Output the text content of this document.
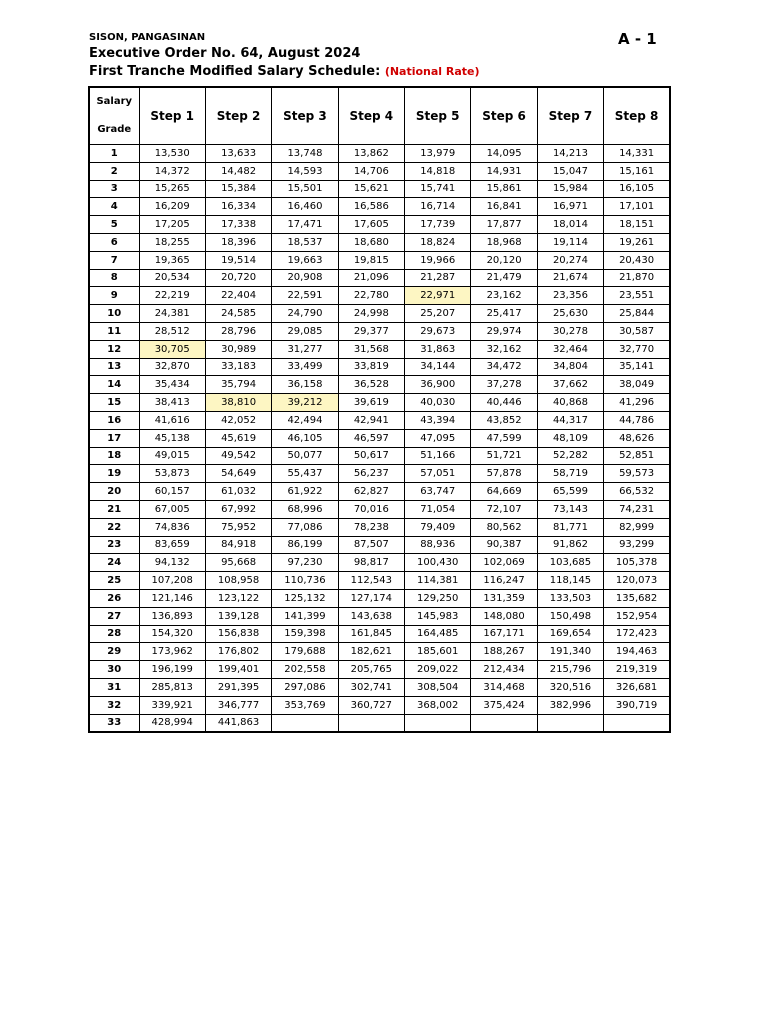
SISON, PANGASINAN	A - 1
Executive Order No. 64, August 2024
First Tranche Modified Salary Schedule: (National Rate)
Salary
Grade	Step 1	Step 2	Step 3	Step 4	Step 5	Step 6	Step 7	Step 8
1	13,530	13,633	13,748	13,862	13,979	14,095	14,213	14,331
2	14,372	14,482	14,593	14,706	14,818	14,931	15,047	15,161
3	15,265	15,384	15,501	15,621	15,741	15,861	15,984	16,105
4	16,209	16,334	16,460	16,586	16,714	16,841	16,971	17,101
5	17,205	17,338	17,471	17,605	17,739	17,877	18,014	18,151
6	18,255	18,396	18,537	18,680	18,824	18,968	19,114	19,261
7	19,365	19,514	19,663	19,815	19,966	20,120	20,274	20,430
8	20,534	20,720	20,908	21,096	21,287	21,479	21,674	21,870
9	22,219	22,404	22,591	22,780	22,971	23,162	23,356	23,551
10	24,381	24,585	24,790	24,998	25,207	25,417	25,630	25,844
11	28,512	28,796	29,085	29,377	29,673	29,974	30,278	30,587
12	30,705	30,989	31,277	31,568	31,863	32,162	32,464	32,770
13	32,870	33,183	33,499	33,819	34,144	34,472	34,804	35,141
14	35,434	35,794	36,158	36,528	36,900	37,278	37,662	38,049
15	38,413	38,810	39,212	39,619	40,030	40,446	40,868	41,296
16	41,616	42,052	42,494	42,941	43,394	43,852	44,317	44,786
17	45,138	45,619	46,105	46,597	47,095	47,599	48,109	48,626
18	49,015	49,542	50,077	50,617	51,166	51,721	52,282	52,851
19	53,873	54,649	55,437	56,237	57,051	57,878	58,719	59,573
20	60,157	61,032	61,922	62,827	63,747	64,669	65,599	66,532
21	67,005	67,992	68,996	70,016	71,054	72,107	73,143	74,231
22	74,836	75,952	77,086	78,238	79,409	80,562	81,771	82,999
23	83,659	84,918	86,199	87,507	88,936	90,387	91,862	93,299
24	94,132	95,668	97,230	98,817	100,430	102,069	103,685	105,378
25	107,208	108,958	110,736	112,543	114,381	116,247	118,145	120,073
26	121,146	123,122	125,132	127,174	129,250	131,359	133,503	135,682
27	136,893	139,128	141,399	143,638	145,983	148,080	150,498	152,954
28	154,320	156,838	159,398	161,845	164,485	167,171	169,654	172,423
29	173,962	176,802	179,688	182,621	185,601	188,267	191,340	194,463
30	196,199	199,401	202,558	205,765	209,022	212,434	215,796	219,319
31	285,813	291,395	297,086	302,741	308,504	314,468	320,516	326,681
32	339,921	346,777	353,769	360,727	368,002	375,424	382,996	390,719
33	428,994	441,863						
